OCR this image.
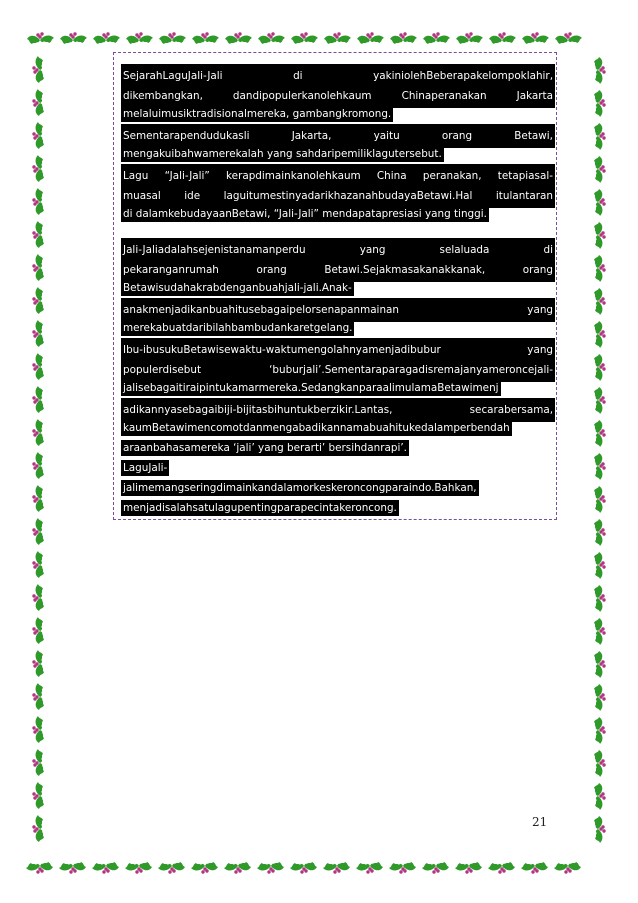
SejarahLaguJali-Jali	di	yakiniolehBeberapakelompoklahir,
dikembangkan,	dandipopulerkanolehkaum	Chinaperanakan	Jakarta
melaluimusiktradisionalmereka, gambangkromong.
Sementarapendudukasli	Jakarta,	yaitu	orang	Betawi,
mengakuibahwamerekalah yang sahdaripemiliklagutersebut.
Lagu “Jali-Jali” kerapdimainkanolehkaum China peranakan, tetapiasal-
muasal ide laguitumestinyadarikhazanahbudayaBetawi.Hal itulantaran
di dalamkebudayaanBetawi, “Jali-Jali” mendapatapresiasi yang tinggi.
Jali-Jaliadalahsejenistanamanperdu	yang	selaluada	di
pekaranganrumah	orang	Betawi.Sejakmasakanakkanak,	orang
Betawisudahakrabdenganbuahjali-jali.Anak-
anakmenjadikanbuahitusebagaipelorsenapanmainan	yang
merekabuatdaribilahbambudankaretgelang.
Ibu-ibusukuBetawisewaktu-waktumengolahnyamenjadibubur	yang
populerdisebut	‘buburjali’.Sementaraparagadisremajanyameroncejali-
jalisebagaitiraipintukamarmereka.SedangkanparaalimulamaBetawimenj
adikannyasebagaibiji-bijitasbihuntukberzikir.Lantas,	secarabersama,
kaumBetawimencomotdanmengabadikannamabuahitukedalamperbendah
araanbahasamereka ‘jali’ yang berarti’ bersihdanrapi’.
LaguJali-
jalimemangseringdimainkandalamorkeskeroncongparaindo.Bahkan,
menjadisalahsatulagupentingparapecintakeroncong.
21
